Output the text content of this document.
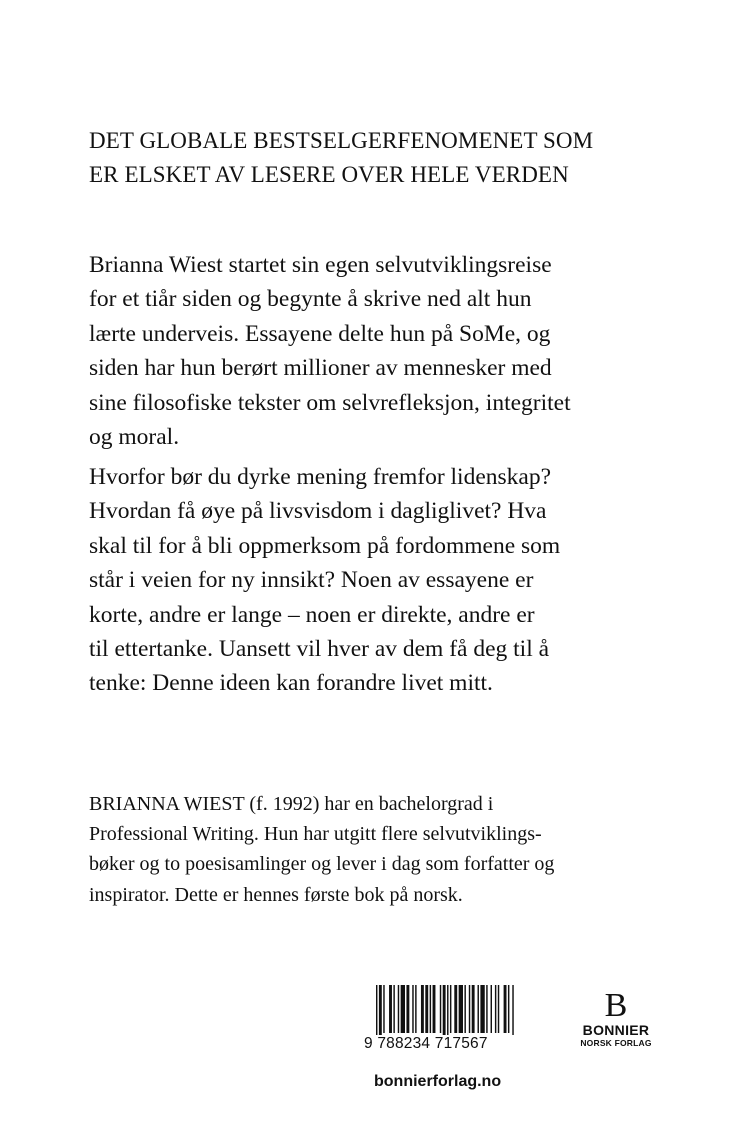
DET GLOBALE BESTSELGERFENOMENET SOM
ER ELSKET AV LESERE OVER HELE VERDEN
Brianna Wiest startet sin egen selvutviklingsreise
for et tiår siden og begynte å skrive ned alt hun
lærte underveis. Essayene delte hun på SoMe, og
siden har hun berørt millioner av mennesker med
sine filosofiske tekster om selvrefleksjon, integritet
og moral.
Hvorfor bør du dyrke mening fremfor lidenskap?
Hvordan få øye på livsvisdom i dagliglivet? Hva
skal til for å bli oppmerksom på fordommene som
står i veien for ny innsikt? Noen av essayene er
korte, andre er lange – noen er direkte, andre er
til ettertanke. Uansett vil hver av dem få deg til å
tenke: Denne ideen kan forandre livet mitt.
BRIANNA WIEST (f. 1992) har en bachelorgrad i
Professional Writing. Hun har utgitt flere selvutviklings-
bøker og to poesisamlinger og lever i dag som forfatter og
inspirator. Dette er hennes første bok på norsk.
9 788234 717567
B
BONNIER
NORSK FORLAG
bonnierforlag.no
